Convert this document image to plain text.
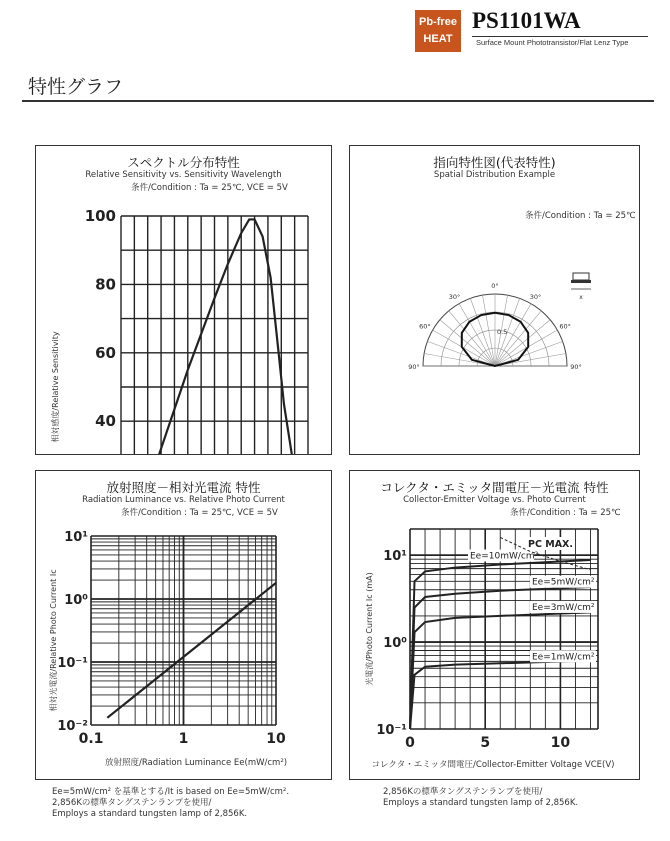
Pb-free
HEAT
PS1101WA
Surface Mount Phototransistor/Flat Lenz Type
特性グラフ
スペクトル分布特性
Relative Sensitivity vs. Sensitivity Wavelength
条件/Condition : Ta = 25℃, VCE = 5V
40
60
80
100
相対感度/Relative Sensitivity
指向特性図(代表特性)
Spatial Distribution Example
条件/Condition : Ta = 25℃
0°
30°	30°
60°	60°
90°	90°
0.5
x
放射照度－相対光電流 特性
Radiation Luminance vs. Relative Photo Current
条件/Condition : Ta = 25℃, VCE = 5V
0.1	1	10
10⁻²
10⁻¹
10⁰
10¹
放射照度/Radiation Luminance Ee(mW/cm²)
相対光電流/Relative Photo Current Ic
コレクタ・エミッタ間電圧－光電流 特性
Collector-Emitter Voltage vs. Photo Current
条件/Condition : Ta = 25℃
0	5	10
10⁻¹
10⁰
10¹
コレクタ・エミッタ間電圧/Collector-Emitter Voltage VCE(V)
光電流/Photo Current Ic (mA)
Ee=10mW/cm²
Ee=5mW/cm²
Ee=3mW/cm²
Ee=1mW/cm²
PC MAX.
Ee=5mW/cm² を基準とする/It is based on Ee=5mW/cm².
2,856Kの標準タングステンランプを使用/
Employs a standard tungsten lamp of 2,856K.
2,856Kの標準タングステンランプを使用/
Employs a standard tungsten lamp of 2,856K.
